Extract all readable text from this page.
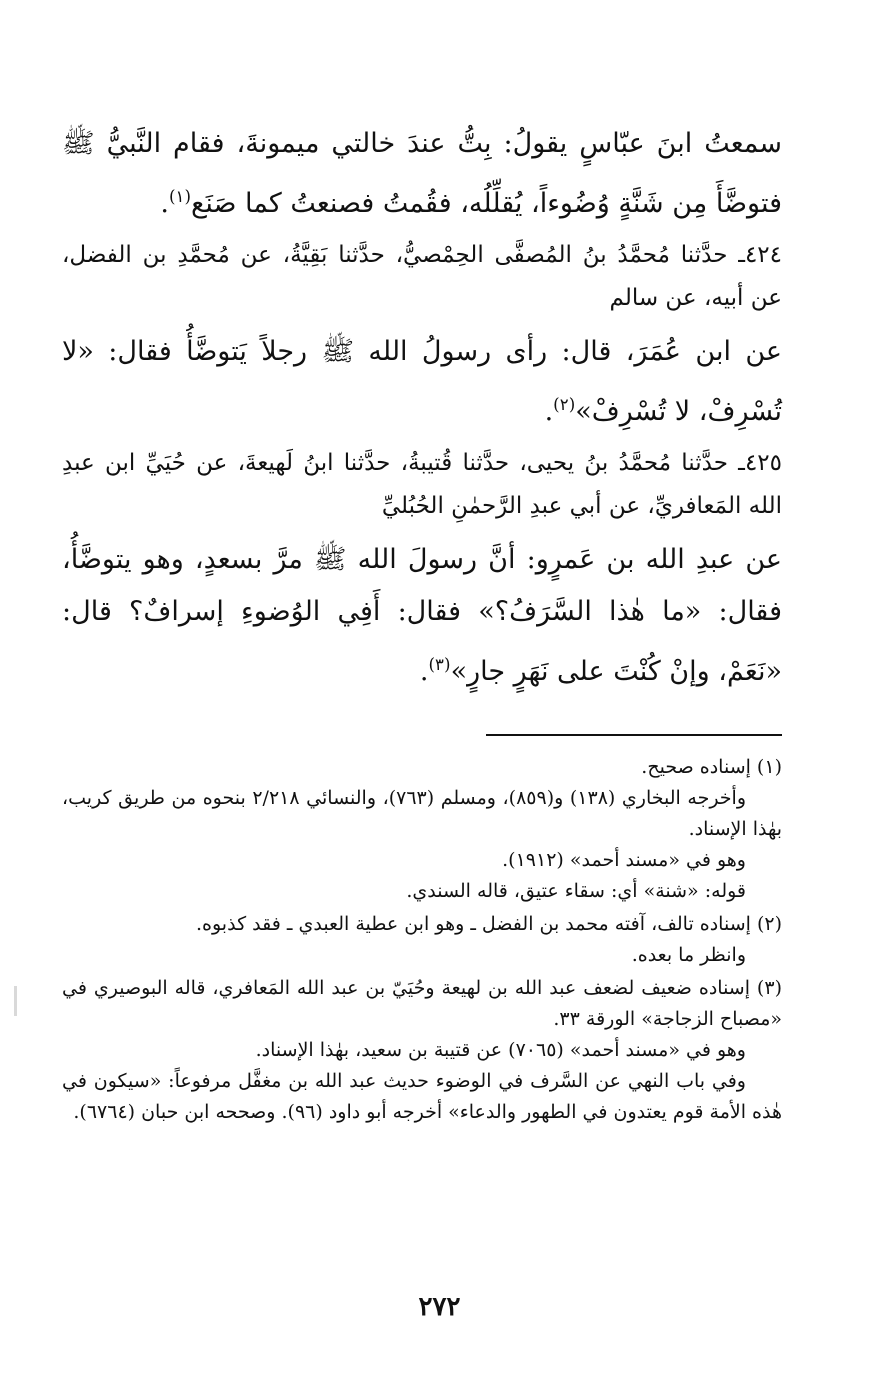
سمعتُ ابنَ عبّاسٍ يقولُ: بِتُّ عندَ خالتي ميمونةَ، فقام النَّبيُّ ﷺ فتوضَّأَ مِن شَنَّةٍ وُضُوءاً، يُقلِّلُه، فقُمتُ فصنعتُ كما صَنَع$^{(١)}$.

٤٢٤ـ حدَّثنا مُحمَّدُ بنُ المُصفَّى الحِمْصيُّ، حدَّثنا بَقِيَّةُ، عن مُحمَّدِ بن الفضل، عن أبيه، عن سالم

عن ابن عُمَرَ، قال: رأى رسولُ الله ﷺ رجلاً يَتوضَّأُ فقال: «لا تُسْرِفْ، لا تُسْرِفْ»$^{(٢)}$.

٤٢٥ـ حدَّثنا مُحمَّدُ بنُ يحيى، حدَّثنا قُتيبةُ، حدَّثنا ابنُ لَهيعةَ، عن حُيَيِّ ابن عبدِ الله المَعافريِّ، عن أبي عبدِ الرَّحمٰنِ الحُبُليِّ

عن عبدِ الله بن عَمرٍو: أنَّ رسولَ الله ﷺ مرَّ بسعدٍ، وهو يتوضَّأُ، فقال: «ما هٰذا السَّرَفُ؟» فقال: أَفِي الوُضوءِ إسرافٌ؟ قال: «نَعَمْ، وإنْ كُنْتَ على نَهَرٍ جارٍ»$^{(٣)}$.

(١) إسناده صحيح.

وأخرجه البخاري (١٣٨) و(٨٥٩)، ومسلم (٧٦٣)، والنسائي ٢/٢١٨ بنحوه من طريق كريب، بهٰذا الإسناد.

وهو في «مسند أحمد» (١٩١٢).

قوله: «شنة» أي: سقاء عتيق، قاله السندي.

(٢) إسناده تالف، آفته محمد بن الفضل ـ وهو ابن عطية العبدي ـ فقد كذبوه.

وانظر ما بعده.

(٣) إسناده ضعيف لضعف عبد الله بن لهيعة وحُيَيّ بن عبد الله المَعافري، قاله البوصيري في «مصباح الزجاجة» الورقة ٣٣.

وهو في «مسند أحمد» (٧٠٦٥) عن قتيبة بن سعيد، بهٰذا الإسناد.

وفي باب النهي عن السَّرف في الوضوء حديث عبد الله بن مغفَّل مرفوعاً: «سيكون في هٰذه الأمة قوم يعتدون في الطهور والدعاء» أخرجه أبو داود (٩٦). وصححه ابن حبان (٦٧٦٤).

٢٧٢
